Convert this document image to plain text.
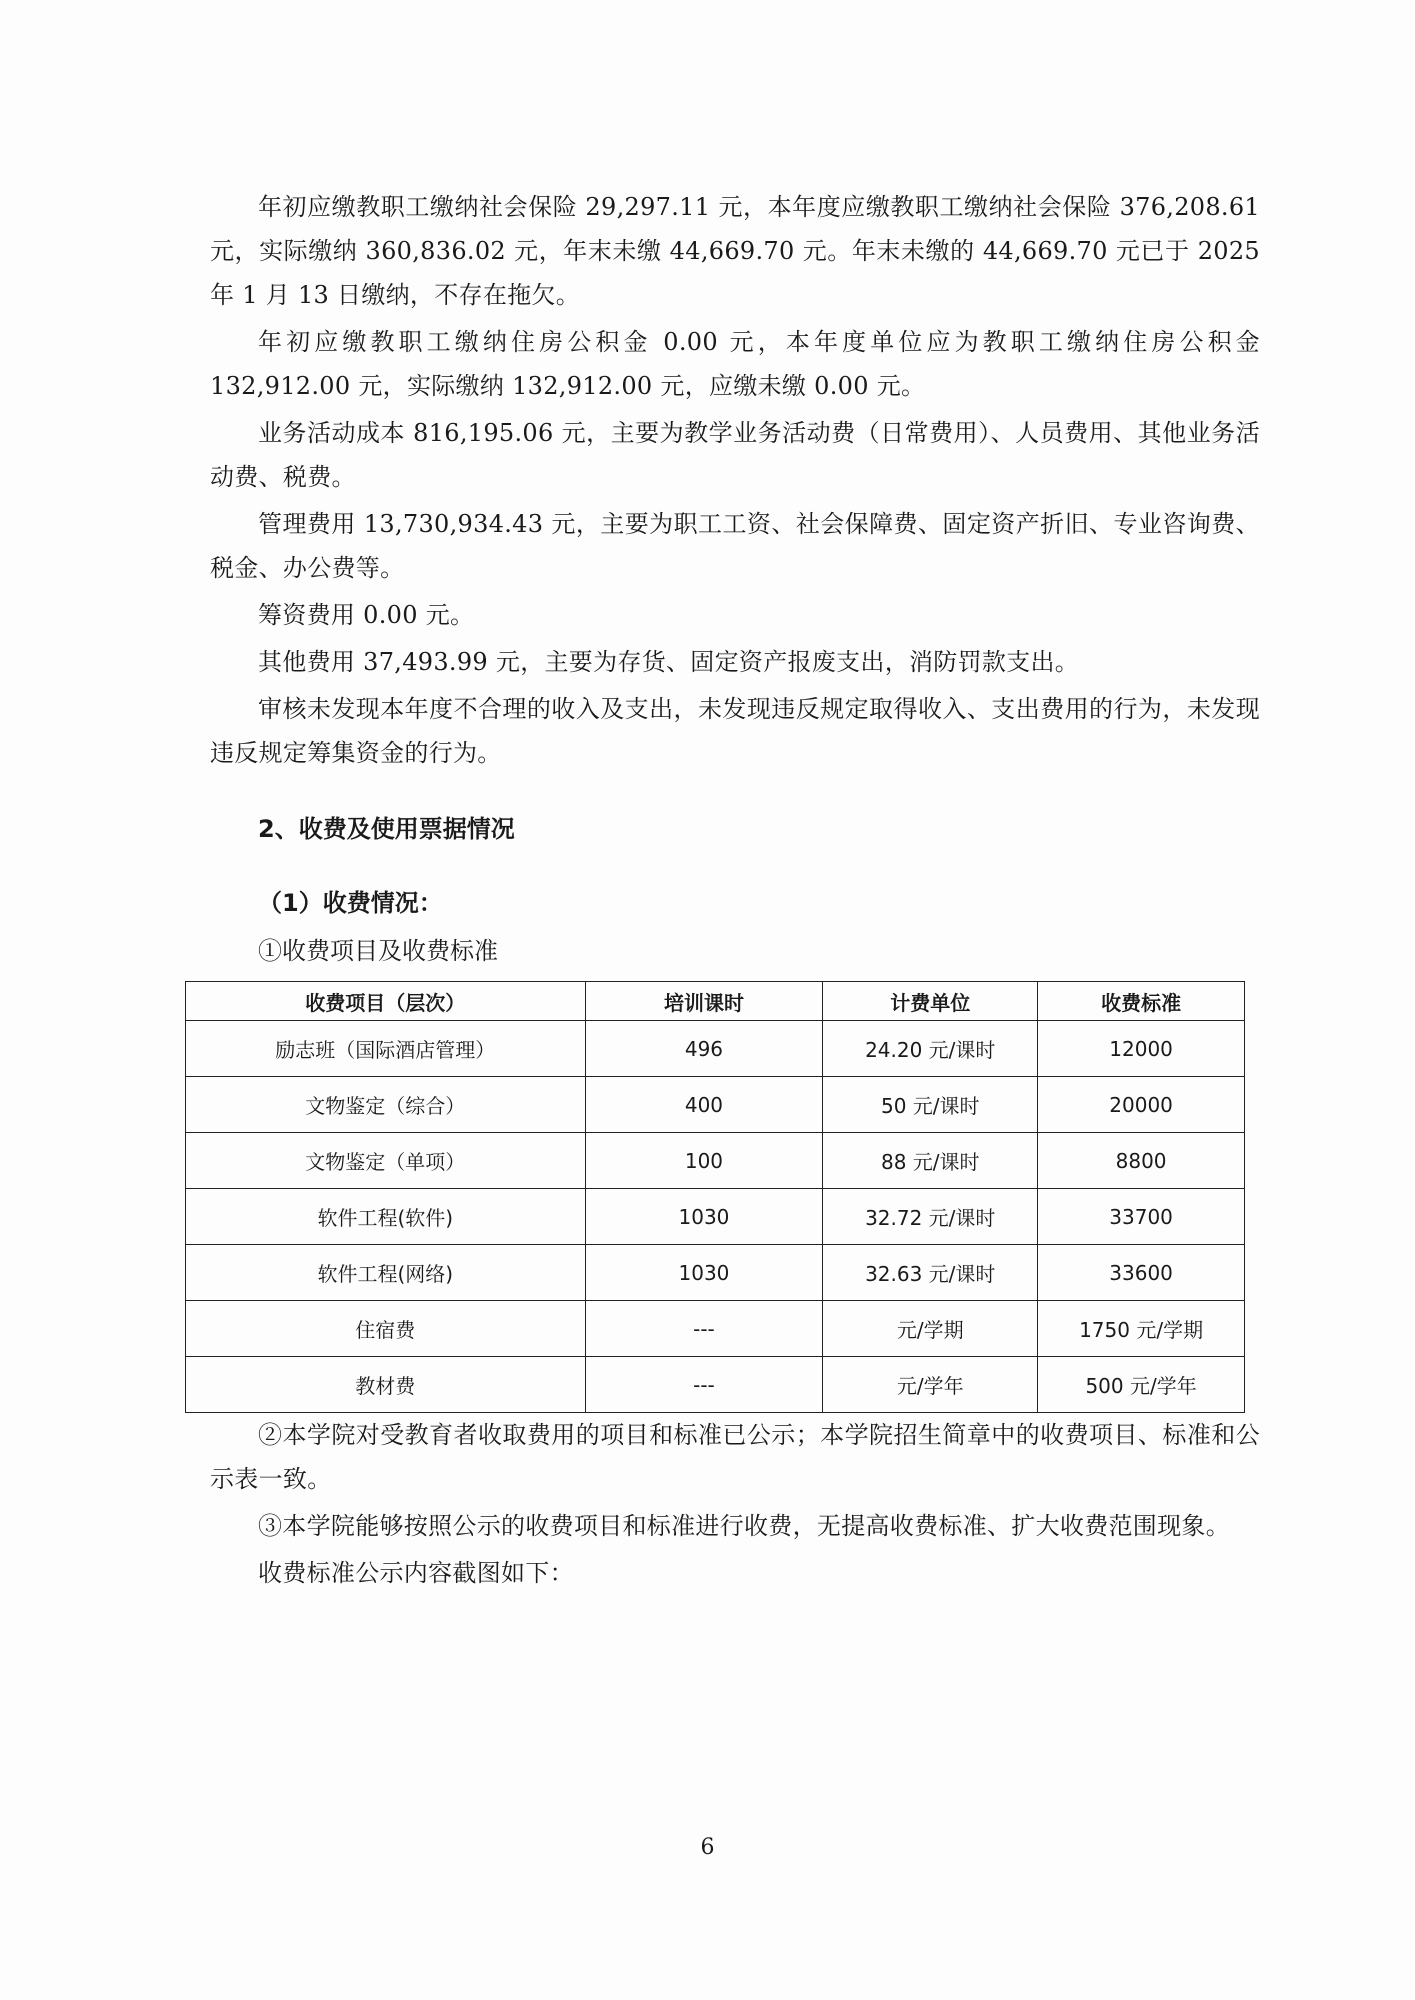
年初应缴教职工缴纳社会保险 29,297.11 元，本年度应缴教职工缴纳社会保险 376,208.61 元，实际缴纳 360,836.02 元，年末未缴 44,669.70 元。年末未缴的 44,669.70 元已于 2025 年 1 月 13 日缴纳，不存在拖欠。

年初应缴教职工缴纳住房公积金 0.00 元，本年度单位应为教职工缴纳住房公积金 132,912.00 元，实际缴纳 132,912.00 元，应缴未缴 0.00 元。

业务活动成本 816,195.06 元，主要为教学业务活动费（日常费用）、人员费用、其他业务活动费、税费。

管理费用 13,730,934.43 元，主要为职工工资、社会保障费、固定资产折旧、专业咨询费、税金、办公费等。

筹资费用 0.00 元。

其他费用 37,493.99 元，主要为存货、固定资产报废支出，消防罚款支出。

审核未发现本年度不合理的收入及支出，未发现违反规定取得收入、支出费用的行为，未发现违反规定筹集资金的行为。

2、收费及使用票据情况
（1）收费情况：

①收费项目及收费标准

收费项目（层次）	培训课时	计费单位	收费标准
励志班（国际酒店管理）	496	24.20 元/课时	12000
文物鉴定（综合）	400	50 元/课时	20000
文物鉴定（单项）	100	88 元/课时	8800
软件工程(软件)	1030	32.72 元/课时	33700
软件工程(网络)	1030	32.63 元/课时	33600
住宿费	---	元/学期	1750 元/学期
教材费	---	元/学年	500 元/学年

②本学院对受教育者收取费用的项目和标准已公示；本学院招生简章中的收费项目、标准和公示表一致。

③本学院能够按照公示的收费项目和标准进行收费，无提高收费标准、扩大收费范围现象。

收费标准公示内容截图如下：

6
